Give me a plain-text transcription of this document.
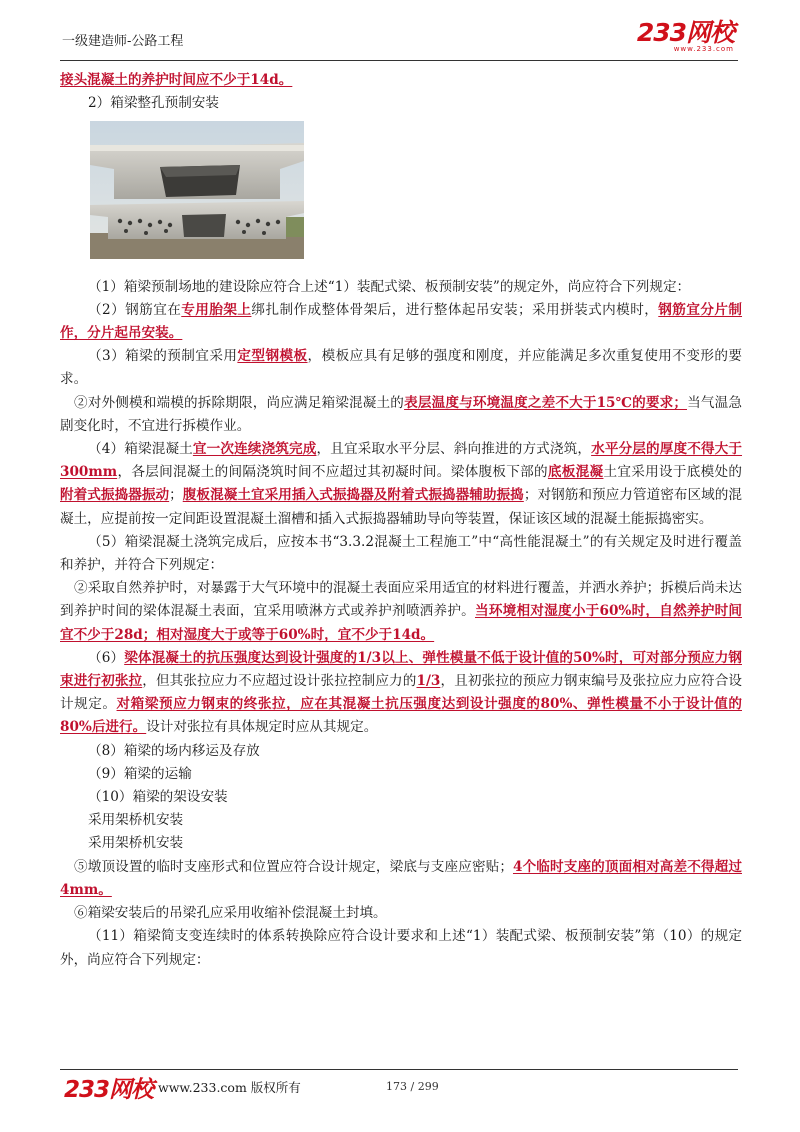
一级建造师-公路工程	233网校
www.233.com

接头混凝土的养护时间应不少于14d。

2）箱梁整孔预制安装

（1）箱梁预制场地的建设除应符合上述“1）装配式梁、板预制安装”的规定外，尚应符合下列规定：

（2）钢筋宜在专用胎架上绑扎制作成整体骨架后，进行整体起吊安装；采用拼装式内模时，钢筋宜分片制作，分片起吊安装。

（3）箱梁的预制宜采用定型钢模板，模板应具有足够的强度和刚度，并应能满足多次重复使用不变形的要求。

②对外侧模和端模的拆除期限，尚应满足箱梁混凝土的表层温度与环境温度之差不大于15℃的要求；当气温急剧变化时，不宜进行拆模作业。

（4）箱梁混凝土宜一次连续浇筑完成，且宜采取水平分层、斜向推进的方式浇筑，水平分层的厚度不得大于300mm，各层间混凝土的间隔浇筑时间不应超过其初凝时间。梁体腹板下部的底板混凝土宜采用设于底模处的附着式振捣器振动；腹板混凝土宜采用插入式振捣器及附着式振捣器辅助振捣；对钢筋和预应力管道密布区域的混凝土，应提前按一定间距设置混凝土溜槽和插入式振捣器辅助导向等装置，保证该区域的混凝土能振捣密实。

（5）箱梁混凝土浇筑完成后，应按本书“3.3.2混凝土工程施工”中“高性能混凝土”的有关规定及时进行覆盖和养护，并符合下列规定：

②采取自然养护时，对暴露于大气环境中的混凝土表面应采用适宜的材料进行覆盖，并洒水养护；拆模后尚未达到养护时间的梁体混凝土表面，宜采用喷淋方式或养护剂喷洒养护。当环境相对湿度小于60%时，自然养护时间宜不少于28d；相对湿度大于或等于60%时，宜不少于14d。

（6）梁体混凝土的抗压强度达到设计强度的1/3以上、弹性模量不低于设计值的50%时，可对部分预应力钢束进行初张拉，但其张拉应力不应超过设计张拉控制应力的1/3，且初张拉的预应力钢束编号及张拉应力应符合设计规定。对箱梁预应力钢束的终张拉，应在其混凝土抗压强度达到设计强度的80%、弹性模量不小于设计值的80%后进行。设计对张拉有具体规定时应从其规定。

（8）箱梁的场内移运及存放

（9）箱梁的运输

（10）箱梁的架设安装

采用架桥机安装

采用架桥机安装

⑤墩顶设置的临时支座形式和位置应符合设计规定，梁底与支座应密贴；4个临时支座的顶面相对高差不得超过4mm。

⑥箱梁安装后的吊梁孔应采用收缩补偿混凝土封填。

（11）箱梁简支变连续时的体系转换除应符合设计要求和上述“1）装配式梁、板预制安装”第（10）的规定外，尚应符合下列规定：

233网校 www.233.com 版权所有	173 / 299
